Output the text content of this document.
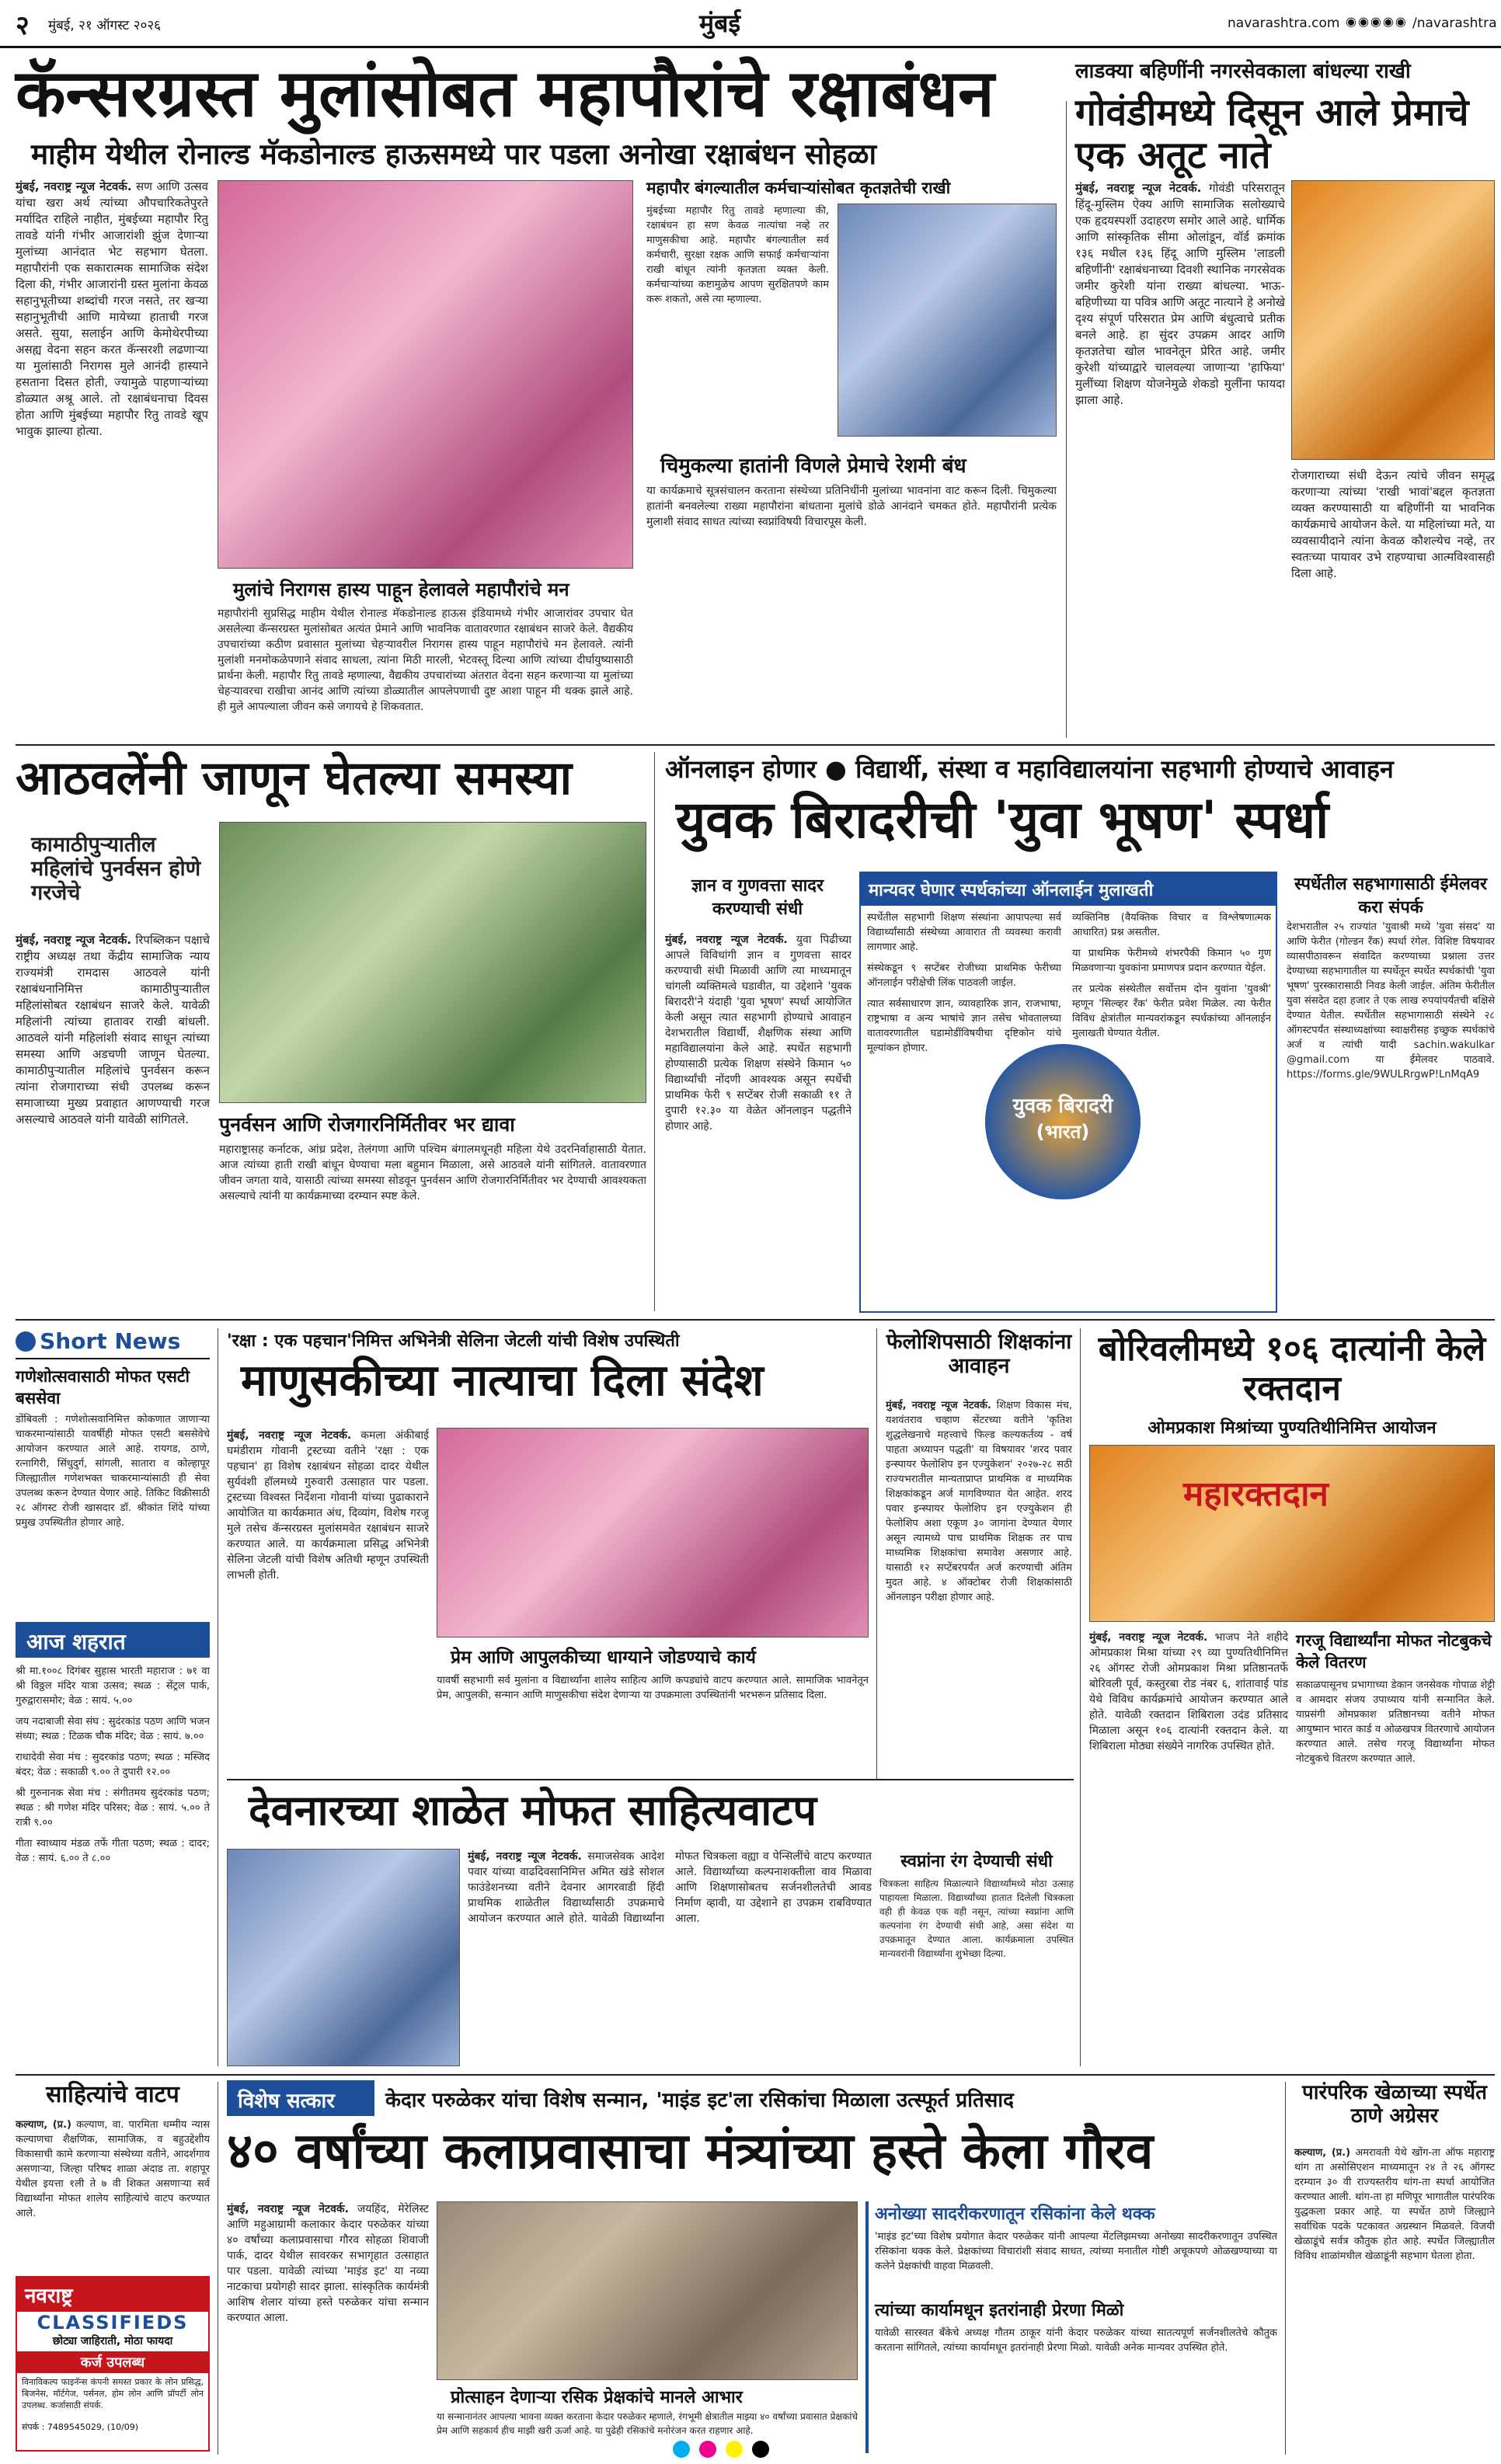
२ मुंबई, २१ ऑगस्ट २०२६	मुंबई	navarashtra.com ◉◉◉◉◉ /navarashtra
कॅन्सरग्रस्त मुलांसोबत महापौरांचे रक्षाबंधन
माहीम येथील रोनाल्ड मॅकडोनाल्ड हाऊसमध्ये पार पडला अनोखा रक्षाबंधन सोहळा
मुंबई, नवराष्ट्र न्यूज नेटवर्क. सण आणि उत्सव यांचा खरा अर्थ त्यांच्या औपचारिकतेपुरते मर्यादित राहिले नाहीत, मुंबईच्या महापौर रितु तावडे यांनी गंभीर आजारांशी झुंज देणाऱ्या मुलांच्या आनंदात भेट सहभाग घेतला. महापौरांनी एक सकारात्मक सामाजिक संदेश दिला की, गंभीर आजारांनी ग्रस्त मुलांना केवळ सहानुभूतीच्या शब्दांची गरज नसते, तर खऱ्या सहानुभूतीची आणि मायेच्या हाताची गरज असते. सुया, सलाईन आणि केमोथेरपीच्या असह्य वेदना सहन करत कॅन्सरशी लढणाऱ्या या मुलांसाठी निरागस मुले आनंदी हास्याने हसताना दिसत होती, ज्यामुळे पाहणाऱ्यांच्या डोळ्यात अश्रू आले. तो रक्षाबंधनाचा दिवस होता आणि मुंबईच्या महापौर रितु तावडे खूप भावुक झाल्या होत्या.
मुलांचे निरागस हास्य पाहून हेलावले महापौरांचे मन
महापौरांनी सुप्रसिद्ध माहीम येथील रोनाल्ड मॅकडोनाल्ड हाऊस इंडियामध्ये गंभीर आजारांवर उपचार घेत असलेल्या कॅन्सरग्रस्त मुलांसोबत अत्यंत प्रेमाने आणि भावनिक वातावरणात रक्षाबंधन साजरे केले. वैद्यकीय उपचारांच्या कठीण प्रवासात मुलांच्या चेहऱ्यावरील निरागस हास्य पाहून महापौरांचे मन हेलावले. त्यांनी मुलांशी मनमोकळेपणाने संवाद साधला, त्यांना मिठी मारली, भेटवस्तू दिल्या आणि त्यांच्या दीर्घायुष्यासाठी प्रार्थना केली. महापौर रितु तावडे म्हणाल्या, वैद्यकीय उपचारांच्या अंतरात वेदना सहन करणाऱ्या या मुलांच्या चेहऱ्यावरचा राखीचा आनंद आणि त्यांच्या डोळ्यातील आपलेपणाची दुष्ट आशा पाहून मी थक्क झाले आहे. ही मुले आपल्याला जीवन कसे जगायचे हे शिकवतात.
महापौर बंगल्यातील कर्मचाऱ्यांसोबत कृतज्ञतेची राखी
मुंबईच्या महापौर रितु तावडे म्हणाल्या की, रक्षाबंधन हा सण केवळ नात्यांचा नव्हे तर माणुसकीचा आहे. महापौर बंगल्यातील सर्व कर्मचारी, सुरक्षा रक्षक आणि सफाई कर्मचाऱ्यांना राखी बांधून त्यांनी कृतज्ञता व्यक्त केली. कर्मचाऱ्यांच्या कष्टामुळेच आपण सुरक्षितपणे काम करू शकतो, असे त्या म्हणाल्या.
चिमुकल्या हातांनी विणले प्रेमाचे रेशमी बंध
या कार्यक्रमाचे सूत्रसंचालन करताना संस्थेच्या प्रतिनिधींनी मुलांच्या भावनांना वाट करून दिली. चिमुकल्या हातांनी बनवलेल्या राख्या महापौरांना बांधताना मुलांचे डोळे आनंदाने चमकत होते. महापौरांनी प्रत्येक मुलाशी संवाद साधत त्यांच्या स्वप्नांविषयी विचारपूस केली.
लाडक्या बहिणींनी नगरसेवकाला बांधल्या राखी
गोवंडीमध्ये दिसून आले प्रेमाचे एक अतूट नाते
मुंबई, नवराष्ट्र न्यूज नेटवर्क. गोवंडी परिसरातून हिंदू-मुस्लिम ऐक्य आणि सामाजिक सलोख्याचे एक हृदयस्पर्शी उदाहरण समोर आले आहे. धार्मिक आणि सांस्कृतिक सीमा ओलांडून, वॉर्ड क्रमांक १३६ मधील १३६ हिंदू आणि मुस्लिम 'लाडली बहिणींनी' रक्षाबंधनाच्या दिवशी स्थानिक नगरसेवक जमीर कुरेशी यांना राख्या बांधल्या. भाऊ-बहिणीच्या या पवित्र आणि अतूट नात्याने हे अनोखे दृश्य संपूर्ण परिसरात प्रेम आणि बंधुत्वाचे प्रतीक बनले आहे. हा सुंदर उपक्रम आदर आणि कृतज्ञतेचा खोल भावनेतून प्रेरित आहे. जमीर कुरेशी यांच्याद्वारे चालवल्या जाणाऱ्या 'हाफिया' मुलींच्या शिक्षण योजनेमुळे शेकडो मुलींना फायदा झाला आहे.
रोजगाराच्या संधी देऊन त्यांचे जीवन समृद्ध करणाऱ्या त्यांच्या 'राखी भावां'बद्दल कृतज्ञता व्यक्त करण्यासाठी या बहिणींनी या भावनिक कार्यक्रमाचे आयोजन केले. या महिलांच्या मते, या व्यवसायीदाने त्यांना केवळ कौशल्येच नव्हे, तर स्वतःच्या पायावर उभे राहण्याचा आत्मविश्वासही दिला आहे.
आठवलेंनी जाणून घेतल्या समस्या
कामाठीपुऱ्यातील महिलांचे पुनर्वसन होणे गरजेचे
मुंबई, नवराष्ट्र न्यूज नेटवर्क. रिपब्लिकन पक्षाचे राष्ट्रीय अध्यक्ष तथा केंद्रीय सामाजिक न्याय राज्यमंत्री रामदास आठवले यांनी रक्षाबंधनानिमित्त कामाठीपुऱ्यातील महिलांसोबत रक्षाबंधन साजरे केले. यावेळी महिलांनी त्यांच्या हातावर राखी बांधली. आठवले यांनी महिलांशी संवाद साधून त्यांच्या समस्या आणि अडचणी जाणून घेतल्या. कामाठीपुऱ्यातील महिलांचे पुनर्वसन करून त्यांना रोजगाराच्या संधी उपलब्ध करून समाजाच्या मुख्य प्रवाहात आणण्याची गरज असल्याचे आठवले यांनी यावेळी सांगितले.	पुनर्वसन आणि रोजगारनिर्मितीवर भर द्यावा
महाराष्ट्रासह कर्नाटक, आंध्र प्रदेश, तेलंगणा आणि पश्चिम बंगालमधूनही महिला येथे उदरनिर्वाहासाठी येतात. आज त्यांच्या हाती राखी बांधून घेण्याचा मला बहुमान मिळाला, असे आठवले यांनी सांगितले. वातावरणात जीवन जगता यावे, यासाठी त्यांच्या समस्या सोडवून पुनर्वसन आणि रोजगारनिर्मितीवर भर देण्याची आवश्यकता असल्याचे त्यांनी या कार्यक्रमाच्या दरम्यान स्पष्ट केले.
ऑनलाइन होणार ● विद्यार्थी, संस्था व महाविद्यालयांना सहभागी होण्याचे आवाहन
युवक बिरादरीची 'युवा भूषण' स्पर्धा
ज्ञान व गुणवत्ता सादर करण्याची संधी
मुंबई, नवराष्ट्र न्यूज नेटवर्क. युवा पिढीच्या आपले विविधांगी ज्ञान व गुणवत्ता सादर करण्याची संधी मिळावी आणि त्या माध्यमातून चांगली व्यक्तिमत्वे घडावीत, या उद्देशाने 'युवक बिरादरी'ने यंदाही 'युवा भूषण' स्पर्धा आयोजित केली असून त्यात सहभागी होण्याचे आवाहन देशभरातील विद्यार्थी, शैक्षणिक संस्था आणि महाविद्यालयांना केले आहे. स्पर्धेत सहभागी होण्यासाठी प्रत्येक शिक्षण संस्थेने किमान ५० विद्यार्थ्यांची नोंदणी आवश्यक असून स्पर्धेची प्राथमिक फेरी ९ सप्टेंबर रोजी सकाळी ११ ते दुपारी १२.३० या वेळेत ऑनलाइन पद्धतीने होणार आहे.
मान्यवर घेणार स्पर्धकांच्या ऑनलाईन मुलाखती
स्पर्धेतील सहभागी शिक्षण संस्थांना आपापल्या सर्व विद्यार्थ्यांसाठी संस्थेच्या आवारात ती व्यवस्था करावी लागणार आहे.
संस्थेकडून ९ सप्टेंबर रोजीच्या प्राथमिक फेरीच्या ऑनलाईन परीक्षेची लिंक पाठवली जाईल.
त्यात सर्वसाधारण ज्ञान, व्यावहारिक ज्ञान, राजभाषा, राष्ट्रभाषा व अन्य भाषांचे ज्ञान तसेच भोवतालच्या वातावरणातील घडामोडींविषयीचा दृष्टिकोन यांचे मूल्यांकन होणार.
व्यक्तिनिष्ठ (वैयक्तिक विचार व विश्लेषणात्मक आधारित) प्रश्न असतील.
या प्राथमिक फेरीमध्ये शंभरपैकी किमान ५० गुण मिळवणाऱ्या युवकांना प्रमाणपत्र प्रदान करण्यात येईल.
तर प्रत्येक संस्थेतील सर्वोत्तम दोन युवांना 'युवश्री' म्हणून 'सिल्व्हर रँक' फेरीत प्रवेश मिळेल. त्या फेरीत विविध क्षेत्रांतील मान्यवरांकडून स्पर्धकांच्या ऑनलाईन मुलाखती घेण्यात येतील.
युवक बिरादरी
(भारत)
स्पर्धेतील सहभागासाठी ईमेलवर करा संपर्क
देशभरातील २५ राज्यांत 'युवाश्री मध्ये 'युवा संसद' या आणि फेरीत (गोल्डन रँक) स्पर्धा रंगेल. विशिष्ट विषयावर व्यासपीठावरून संवादित करण्याच्या प्रश्नाला उत्तर देण्याच्या सहभागातील या स्पर्धेतून स्पर्धेत स्पर्धकांची 'युवा भूषण' पुरस्कारासाठी निवड केली जाईल. अंतिम फेरीतील युवा संसदेत दहा हजार ते एक लाख रुपयांपर्यंतची बक्षिसे देण्यात येतील. स्पर्धेतील सहभागासाठी संस्थेने २८ ऑगस्टपर्यंत संस्थाध्यक्षांच्या स्वाक्षरीसह इच्छुक स्पर्धकांचे अर्ज व त्यांची यादी sachin.wakulkar @gmail.com या ईमेलवर पाठवावे. https://forms.gle/9WULRrgwP!LnMqA9
Short News
गणेशोत्सवासाठी मोफत एसटी बससेवा
डोंबिवली : गणेशोत्सवानिमित्त कोकणात जाणाऱ्या चाकरमान्यांसाठी यावर्षीही मोफत एसटी बससेवेचे आयोजन करण्यात आले आहे. रायगड, ठाणे, रत्नागिरी, सिंधुदुर्ग, सांगली, सातारा व कोल्हापूर जिल्ह्यातील गणेशभक्त चाकरमान्यांसाठी ही सेवा उपलब्ध करून देण्यात येणार आहे. तिकिट विक्रीसाठी २८ ऑगस्ट रोजी खासदार डॉ. श्रीकांत शिंदे यांच्या प्रमुख उपस्थितीत होणार आहे.
आज शहरात
श्री मा.१००८ दिगंबर सुहास भारती महाराज : ७१ वा श्री विठ्ठल मंदिर यात्रा उत्सव; स्थळ : सेंट्रल पार्क, गुरुद्वारासमोर; वेळ : सायं. ५.००
जय नदाबाजी सेवा संघ : सुदंरकांड पठण आणि भजन संध्या; स्थळ : टिळक चौक मंदिर; वेळ : सायं. ७.००
राधादेवी सेवा मंच : सुदरकांड पठण; स्थळ : मस्जिद बंदर; वेळ : सकाळी ९.०० ते दुपारी १२.००
श्री गुरुनानक सेवा मंच : संगीतमय सुदंरकांड पठण; स्थळ : श्री गणेश मंदिर परिसर; वेळ : सायं. ५.०० ते रात्री ९.००
गीता स्वाध्याय मंडळ तर्फे गीता पठण; स्थळ : दादर; वेळ : सायं. ६.०० ते ८.००
'रक्षा : एक पहचान'निमित्त अभिनेत्री सेलिना जेटली यांची विशेष उपस्थिती
माणुसकीच्या नात्याचा दिला संदेश
मुंबई, नवराष्ट्र न्यूज नेटवर्क. कमला अंकीबाई घमंडीराम गोवानी ट्रस्टच्या वतीने 'रक्षा : एक पहचान' हा विशेष रक्षाबंधन सोहळा दादर येथील सुर्यवंशी हॉलमध्ये गुरुवारी उत्साहात पार पडला. ट्रस्टच्या विश्वस्त निर्देशना गोवानी यांच्या पुढाकाराने आयोजित या कार्यक्रमात अंध, दिव्यांग, विशेष गरजू मुले तसेच कॅन्सरग्रस्त मुलांसमवेत रक्षाबंधन साजरे करण्यात आले. या कार्यक्रमाला प्रसिद्ध अभिनेत्री सेलिना जेटली यांची विशेष अतिथी म्हणून उपस्थिती लाभली होती.
प्रेम आणि आपुलकीच्या धाग्याने जोडण्याचे कार्य
यावर्षी सहभागी सर्व मुलांना व विद्यार्थ्यांना शालेय साहित्य आणि कपड्यांचे वाटप करण्यात आले. सामाजिक भावनेतून प्रेम, आपुलकी, सन्मान आणि माणुसकीचा संदेश देणाऱ्या या उपक्रमाला उपस्थितांनी भरभरून प्रतिसाद दिला.
फेलोशिपसाठी शिक्षकांना आवाहन
मुंबई, नवराष्ट्र न्यूज नेटवर्क. शिक्षण विकास मंच, यशवंतराव चव्हाण सेंटरच्या वतीने 'कृतिश शुद्धलेखनाचे महत्त्वाचे फिल्ड कल्यकर्तव्य - वर्ष पाहता अध्यापन पद्धती' या विषयावर 'शरद पवार इन्स्पायर फेलोशिप इन एज्युकेशन' २०२७-२८ सठी राज्यभरातील मान्यताप्राप्त प्राथमिक व माध्यमिक शिक्षकांकडून अर्ज मागविण्यात येत आहेत. शरद पवार इन्स्पायर फेलोशिप इन एज्युकेशन ही फेलोशिप अशा एकूण ३० जागांना देण्यात येणार असून त्यामध्ये पाच प्राथमिक शिक्षक तर पाच माध्यमिक शिक्षकांचा समावेश असणार आहे. यासाठी १२ सप्टेंबरपर्यंत अर्ज करण्याची अंतिम मुदत आहे. ४ ऑक्टोबर रोजी शिक्षकांसाठी ऑनलाइन परीक्षा होणार आहे.
बोरिवलीमध्ये १०६ दात्यांनी केले रक्तदान
ओमप्रकाश मिश्रांच्या पुण्यतिथीनिमित्त आयोजन
महारक्तदान
मुंबई, नवराष्ट्र न्यूज नेटवर्क. भाजप नेते शहीदे ओमप्रकाश मिश्रा यांच्या २९ व्या पुण्यतिथीनिमित्त २६ ऑगस्ट रोजी ओमप्रकाश मिश्रा प्रतिष्ठानतर्फे बोरिवली पूर्व, कस्तुरबा रोड नंबर ६, शांतावाई पांड येथे विविध कार्यक्रमांचे आयोजन करण्यात आले होते. यावेळी रक्तदान शिबिराला उदंड प्रतिसाद मिळाला असून १०६ दात्यांनी रक्तदान केले. या शिबिराला मोठ्या संख्येने नागरिक उपस्थित होते.
गरजू विद्यार्थ्यांना मोफत नोटबुकचे केले वितरण
सकाळपासूनच प्रभागाच्या डेकान जनसेवक गोपाळ शेट्टी व आमदार संजय उपाध्याय यांनी सन्मानित केले. याप्रसंगी ओमप्रकाश प्रतिष्ठानच्या वतीने मोफत आयुष्मान भारत कार्ड व ओळखपत्र वितरणाचे आयोजन करण्यात आले. तसेच गरजू विद्यार्थ्यांना मोफत नोटबुकचे वितरण करण्यात आले.
देवनारच्या शाळेत मोफत साहित्यवाटप
मुंबई, नवराष्ट्र न्यूज नेटवर्क. समाजसेवक आदेश पवार यांच्या वाढदिवसानिमित्त अमित खंडे सोशल फाउंडेशनच्या वतीने देवनार आगरवाडी हिंदी प्राथमिक शाळेतील विद्यार्थ्यांसाठी उपक्रमाचे आयोजन करण्यात आले होते. यावेळी विद्यार्थ्यांना मोफत चित्रकला वह्या व पेन्सिलींचे वाटप करण्यात आले. विद्यार्थ्यांच्या कल्पनाशक्तीला वाव मिळावा आणि शिक्षणासोबतच सर्जनशीलतेची आवड निर्माण व्हावी, या उद्देशाने हा उपक्रम राबविण्यात आला.
स्वप्नांना रंग देण्याची संधी
चित्रकला साहित्य मिळाल्याने विद्यार्थ्यांमध्ये मोठा उत्साह पाहायला मिळाला. विद्यार्थ्यांच्या हातात दिलेली चित्रकला वही ही केवळ एक वही नसून, त्यांच्या स्वप्नांना आणि कल्पनांना रंग देण्याची संधी आहे, असा संदेश या उपक्रमातून देण्यात आला. कार्यक्रमाला उपस्थित मान्यवरांनी विद्यार्थ्यांना शुभेच्छा दिल्या.
साहित्यांचे वाटप
कल्याण, (प्र.) कल्याण, वा. पारमिता धम्मीय न्यास कल्याणचा शैक्षणिक, सामाजिक, व बहुउद्देशीय विकासाची कामे करणाऱ्या संस्थेच्या वतीने, आदर्शगाव असणाऱ्या, जिल्हा परिषद शाळा अंदाड ता. शहापूर येथील इयत्ता १ली ते ७ वी शिकत असणाऱ्या सर्व विद्यार्थ्यांना मोफत शालेय साहित्यांचे वाटप करण्यात आले.
नवराष्ट्र
CLASSIFIEDS
छोट्या जाहिराती, मोठा फायदा
कर्ज उपलब्ध
विनाविकल्प फाइनॅन्स कंपनी समस्त प्रकार के लोन प्रसिद्ध, बिजनेस, मॉर्टगेज, पर्सनल, होम लोन आणि प्रॉपर्टी लोन उपलब्ध. कर्जासाठी संपर्क.
संपर्क : 7489545029, (10/09)
विशेष सत्कार	केदार परुळेकर यांचा विशेष सन्मान, 'माइंड इट'ला रसिकांचा मिळाला उत्स्फूर्त प्रतिसाद
४० वर्षांच्या कलाप्रवासाचा मंत्र्यांच्या हस्ते केला गौरव
मुंबई, नवराष्ट्र न्यूज नेटवर्क. जयहिंद, मेरेलिस्ट आणि महुआग्रामी कलाकार केदार परुळेकर यांच्या ४० वर्षांच्या कलाप्रवासाचा गौरव सोहळा शिवाजी पार्क, दादर येथील सावरकर सभागृहात उत्साहात पार पडला. यावेळी त्यांच्या 'माइंड इट' या नव्या नाटकाचा प्रयोगही सादर झाला. सांस्कृतिक कार्यमंत्री आशिष शेलार यांच्या हस्ते परुळेकर यांचा सन्मान करण्यात आला.
प्रोत्साहन देणाऱ्या रसिक प्रेक्षकांचे मानले आभार
या सन्मानानंतर आपल्या भावना व्यक्त करताना केदार परुळेकर म्हणाले, रंगभूमी क्षेत्रातील माझ्या ४० वर्षांच्या प्रवासात प्रेक्षकांचे प्रेम आणि सहकार्य हीच माझी खरी ऊर्जा आहे. या पुढेही रसिकांचे मनोरंजन करत राहणार आहे.
अनोख्या सादरीकरणातून रसिकांना केले थक्क
'माइंड इट'च्या विशेष प्रयोगात केदार परुळेकर यांनी आपल्या मेंटलिझमच्या अनोख्या सादरीकरणातून उपस्थित रसिकांना थक्क केले. प्रेक्षकांच्या विचारांशी संवाद साधत, त्यांच्या मनातील गोष्टी अचूकपणे ओळखण्याच्या या कलेने प्रेक्षकांची वाहवा मिळवली.
त्यांच्या कार्यामधून इतरांनाही प्रेरणा मिळो
यावेळी सारस्वत बँकेचे अध्यक्ष गौतम ठाकूर यांनी केदार परुळेकर यांच्या सातत्यपूर्ण सर्जनशीलतेचे कौतुक करताना सांगितले, त्यांच्या कार्यामधून इतरांनाही प्रेरणा मिळो. यावेळी अनेक मान्यवर उपस्थित होते.
पारंपरिक खेळाच्या स्पर्धेत ठाणे अग्रेसर
कल्याण, (प्र.) अमरावती येथे खोंग-ता ऑफ महाराष्ट्र थांग ता असोसिएशन माध्यमातून २४ ते २६ ऑगस्ट दरम्यान ३० वी राज्यस्तरीय थांग-ता स्पर्धा आयोजित करण्यात आली. थांग-ता हा मणिपूर भागातील पारंपरिक युद्धकला प्रकार आहे. या स्पर्धेत ठाणे जिल्ह्याने सर्वाधिक पदके पटकावत अग्रस्थान मिळवले. विजयी खेळाडूंचे सर्वत्र कौतुक होत आहे. स्पर्धेत जिल्ह्यातील विविध शाळांमधील खेळाडूंनी सहभाग घेतला होता.
